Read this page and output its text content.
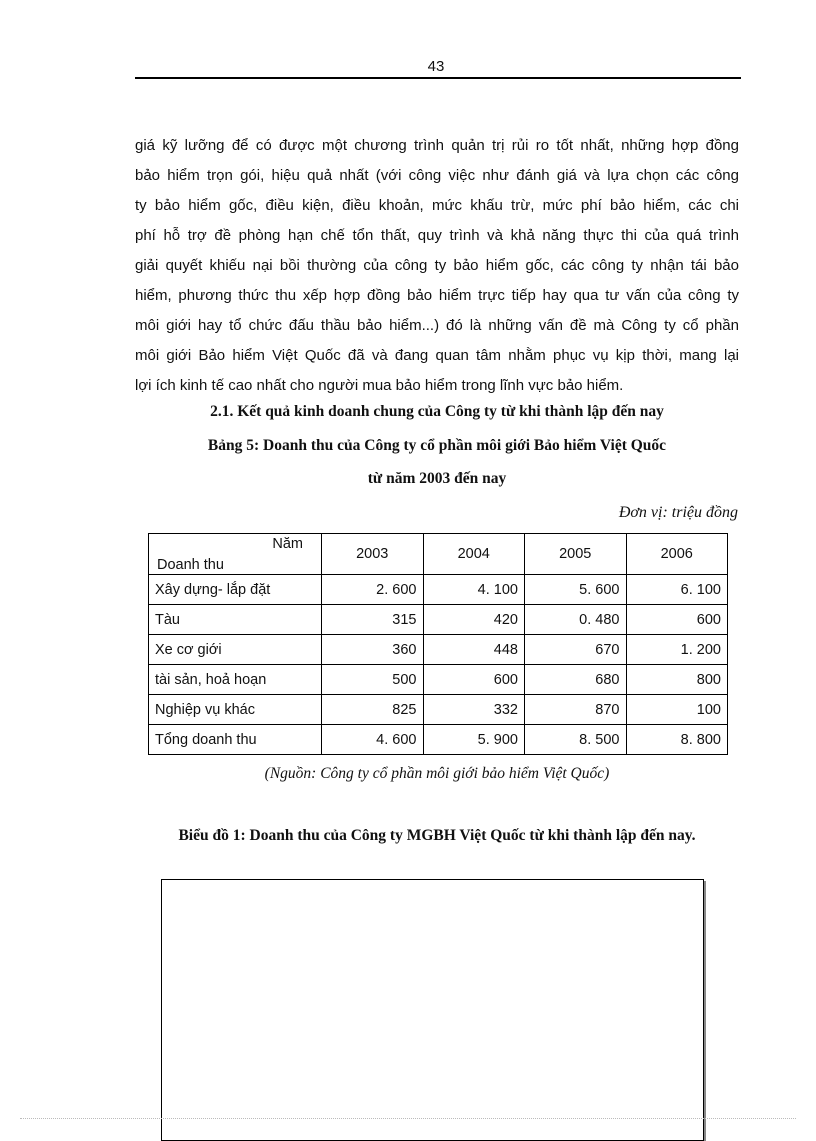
43
giá kỹ lưỡng để có được một chương trình quản trị rủi ro tốt nhất, những hợp đồng
bảo hiểm trọn gói, hiệu quả nhất (với công việc như đánh giá và lựa chọn các công
ty bảo hiểm gốc, điều kiện, điều khoản, mức khấu trừ, mức phí bảo hiểm, các chi
phí hỗ trợ đề phòng hạn chế tổn thất, quy trình và khả năng thực thi của quá trình
giải quyết khiếu nại bồi thường của công ty bảo hiểm gốc, các công ty nhận tái bảo
hiểm, phương thức thu xếp hợp đồng bảo hiểm trực tiếp hay qua tư vấn của công ty
môi giới hay tổ chức đấu thầu bảo hiểm...) đó là những vấn đề mà Công ty cổ phần
môi giới Bảo hiểm Việt Quốc đã và đang quan tâm nhằm phục vụ kịp thời, mang lại
lợi ích kinh tế cao nhất cho người mua bảo hiểm trong lĩnh vực bảo hiểm.
2.1. Kết quả kinh doanh chung của Công ty từ khi thành lập đến nay
Bảng 5: Doanh thu của Công ty cổ phần môi giới Bảo hiểm Việt Quốc
từ năm 2003 đến nay
Đơn vị: triệu đồng
Năm
Doanh thu	2003	2004	2005	2006
Xây dựng- lắp đặt	2. 600	4. 100	5. 600	6. 100
Tàu	315	420	0. 480	600
Xe cơ giới	360	448	670	1. 200
tài sản, hoả hoạn	500	600	680	800
Nghiệp vụ khác	825	332	870	100
Tổng doanh thu	4. 600	5. 900	8. 500	8. 800
(Nguồn: Công ty cổ phần môi giới bảo hiểm Việt Quốc)
Biểu đồ 1: Doanh thu của Công ty MGBH Việt Quốc từ khi thành lập đến nay.
